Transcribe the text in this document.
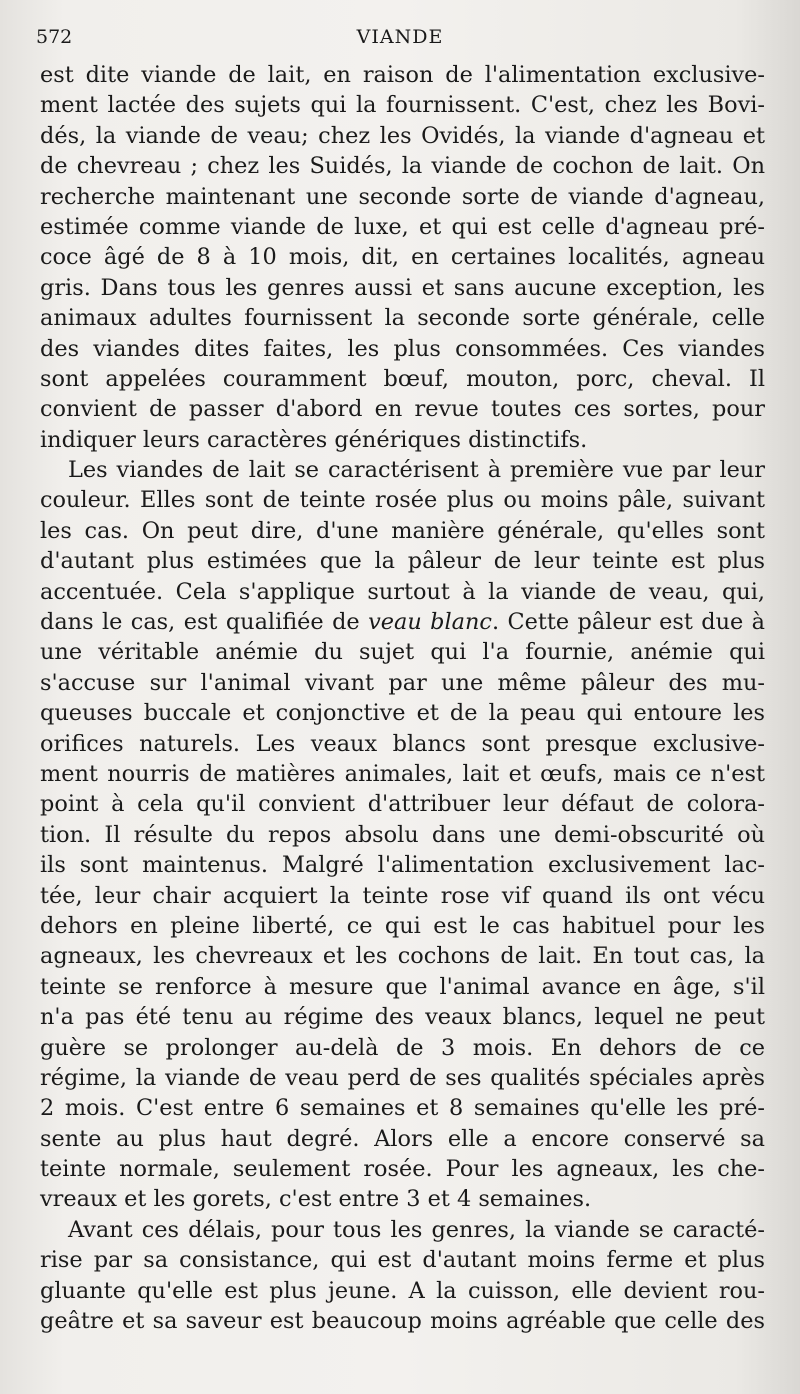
572	VIANDE
est dite viande de lait, en raison de l'alimentation exclusive-
ment lactée des sujets qui la fournissent. C'est, chez les Bovi-
dés, la viande de veau; chez les Ovidés, la viande d'agneau et
de chevreau ; chez les Suidés, la viande de cochon de lait. On
recherche maintenant une seconde sorte de viande d'agneau,
estimée comme viande de luxe, et qui est celle d'agneau pré-
coce âgé de 8 à 10 mois, dit, en certaines localités, agneau
gris. Dans tous les genres aussi et sans aucune exception, les
animaux adultes fournissent la seconde sorte générale, celle
des viandes dites faites, les plus consommées. Ces viandes
sont appelées couramment bœuf, mouton, porc, cheval. Il
convient de passer d'abord en revue toutes ces sortes, pour
indiquer leurs caractères génériques distinctifs.
Les viandes de lait se caractérisent à première vue par leur
couleur. Elles sont de teinte rosée plus ou moins pâle, suivant
les cas. On peut dire, d'une manière générale, qu'elles sont
d'autant plus estimées que la pâleur de leur teinte est plus
accentuée. Cela s'applique surtout à la viande de veau, qui,
dans le cas, est qualifiée de veau blanc. Cette pâleur est due à
une véritable anémie du sujet qui l'a fournie, anémie qui
s'accuse sur l'animal vivant par une même pâleur des mu-
queuses buccale et conjonctive et de la peau qui entoure les
orifices naturels. Les veaux blancs sont presque exclusive-
ment nourris de matières animales, lait et œufs, mais ce n'est
point à cela qu'il convient d'attribuer leur défaut de colora-
tion. Il résulte du repos absolu dans une demi-obscurité où
ils sont maintenus. Malgré l'alimentation exclusivement lac-
tée, leur chair acquiert la teinte rose vif quand ils ont vécu
dehors en pleine liberté, ce qui est le cas habituel pour les
agneaux, les chevreaux et les cochons de lait. En tout cas, la
teinte se renforce à mesure que l'animal avance en âge, s'il
n'a pas été tenu au régime des veaux blancs, lequel ne peut
guère se prolonger au-delà de 3 mois. En dehors de ce
régime, la viande de veau perd de ses qualités spéciales après
2 mois. C'est entre 6 semaines et 8 semaines qu'elle les pré-
sente au plus haut degré. Alors elle a encore conservé sa
teinte normale, seulement rosée. Pour les agneaux, les che-
vreaux et les gorets, c'est entre 3 et 4 semaines.
Avant ces délais, pour tous les genres, la viande se caracté-
rise par sa consistance, qui est d'autant moins ferme et plus
gluante qu'elle est plus jeune. A la cuisson, elle devient rou-
geâtre et sa saveur est beaucoup moins agréable que celle des
